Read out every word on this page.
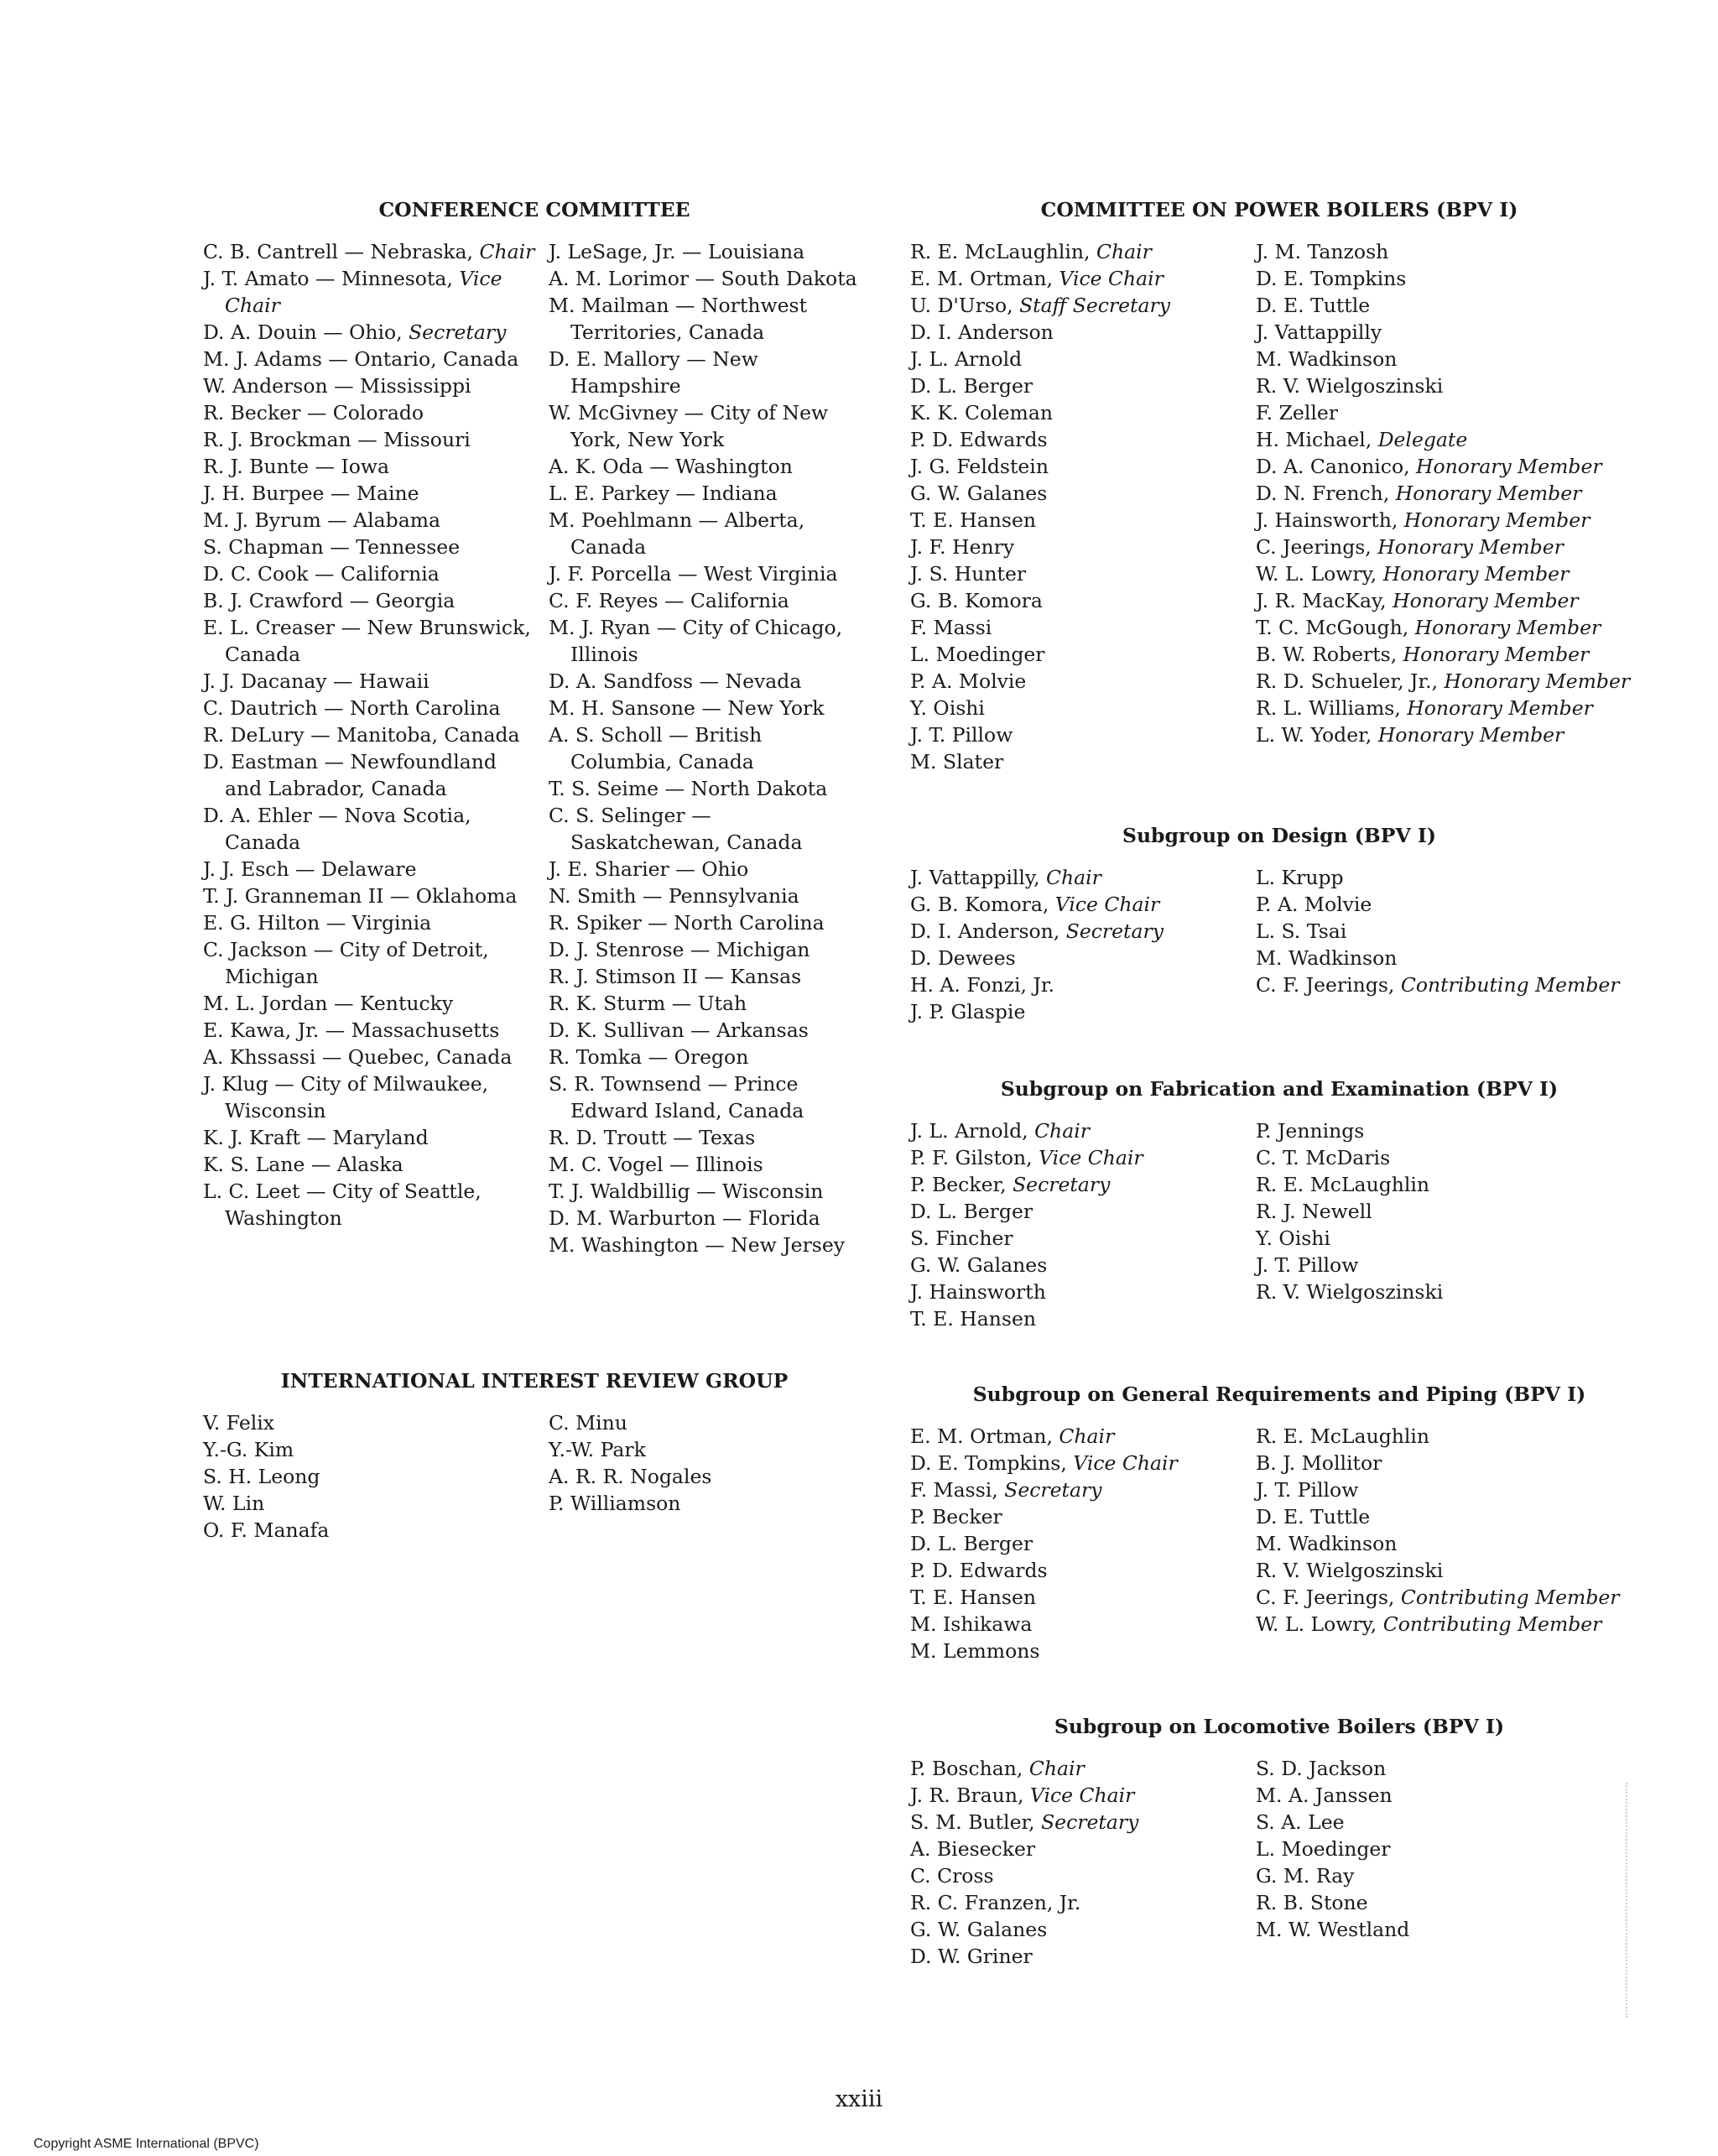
CONFERENCE COMMITTEE
C. B. Cantrell — Nebraska, Chair
J. T. Amato — Minnesota, Vice Chair
D. A. Douin — Ohio, Secretary
M. J. Adams — Ontario, Canada
W. Anderson — Mississippi
R. Becker — Colorado
R. J. Brockman — Missouri
R. J. Bunte — Iowa
J. H. Burpee — Maine
M. J. Byrum — Alabama
S. Chapman — Tennessee
D. C. Cook — California
B. J. Crawford — Georgia
E. L. Creaser — New Brunswick, Canada
J. J. Dacanay — Hawaii
C. Dautrich — North Carolina
R. DeLury — Manitoba, Canada
D. Eastman — Newfoundland and Labrador, Canada
D. A. Ehler — Nova Scotia, Canada
J. J. Esch — Delaware
T. J. Granneman II — Oklahoma
E. G. Hilton — Virginia
C. Jackson — City of Detroit, Michigan
M. L. Jordan — Kentucky
E. Kawa, Jr. — Massachusetts
A. Khssassi — Quebec, Canada
J. Klug — City of Milwaukee, Wisconsin
K. J. Kraft — Maryland
K. S. Lane — Alaska
L. C. Leet — City of Seattle, Washington
J. LeSage, Jr. — Louisiana
A. M. Lorimor — South Dakota
M. Mailman — Northwest Territories, Canada
D. E. Mallory — New Hampshire
W. McGivney — City of New York, New York
A. K. Oda — Washington
L. E. Parkey — Indiana
M. Poehlmann — Alberta, Canada
J. F. Porcella — West Virginia
C. F. Reyes — California
M. J. Ryan — City of Chicago, Illinois
D. A. Sandfoss — Nevada
M. H. Sansone — New York
A. S. Scholl — British Columbia, Canada
T. S. Seime — North Dakota
C. S. Selinger — Saskatchewan, Canada
J. E. Sharier — Ohio
N. Smith — Pennsylvania
R. Spiker — North Carolina
D. J. Stenrose — Michigan
R. J. Stimson II — Kansas
R. K. Sturm — Utah
D. K. Sullivan — Arkansas
R. Tomka — Oregon
S. R. Townsend — Prince Edward Island, Canada
R. D. Troutt — Texas
M. C. Vogel — Illinois
T. J. Waldbillig — Wisconsin
D. M. Warburton — Florida
M. Washington — New Jersey
INTERNATIONAL INTEREST REVIEW GROUP
V. Felix
Y.-G. Kim
S. H. Leong
W. Lin
O. F. Manafa
C. Minu
Y.-W. Park
A. R. R. Nogales
P. Williamson
COMMITTEE ON POWER BOILERS (BPV I)
R. E. McLaughlin, Chair
E. M. Ortman, Vice Chair
U. D'Urso, Staff Secretary
D. I. Anderson
J. L. Arnold
D. L. Berger
K. K. Coleman
P. D. Edwards
J. G. Feldstein
G. W. Galanes
T. E. Hansen
J. F. Henry
J. S. Hunter
G. B. Komora
F. Massi
L. Moedinger
P. A. Molvie
Y. Oishi
J. T. Pillow
M. Slater
J. M. Tanzosh
D. E. Tompkins
D. E. Tuttle
J. Vattappilly
M. Wadkinson
R. V. Wielgoszinski
F. Zeller
H. Michael, Delegate
D. A. Canonico, Honorary Member
D. N. French, Honorary Member
J. Hainsworth, Honorary Member
C. Jeerings, Honorary Member
W. L. Lowry, Honorary Member
J. R. MacKay, Honorary Member
T. C. McGough, Honorary Member
B. W. Roberts, Honorary Member
R. D. Schueler, Jr., Honorary Member
R. L. Williams, Honorary Member
L. W. Yoder, Honorary Member
Subgroup on Design (BPV I)
J. Vattappilly, Chair
G. B. Komora, Vice Chair
D. I. Anderson, Secretary
D. Dewees
H. A. Fonzi, Jr.
J. P. Glaspie
L. Krupp
P. A. Molvie
L. S. Tsai
M. Wadkinson
C. F. Jeerings, Contributing Member
Subgroup on Fabrication and Examination (BPV I)
J. L. Arnold, Chair
P. F. Gilston, Vice Chair
P. Becker, Secretary
D. L. Berger
S. Fincher
G. W. Galanes
J. Hainsworth
T. E. Hansen
P. Jennings
C. T. McDaris
R. E. McLaughlin
R. J. Newell
Y. Oishi
J. T. Pillow
R. V. Wielgoszinski
Subgroup on General Requirements and Piping (BPV I)
E. M. Ortman, Chair
D. E. Tompkins, Vice Chair
F. Massi, Secretary
P. Becker
D. L. Berger
P. D. Edwards
T. E. Hansen
M. Ishikawa
M. Lemmons
R. E. McLaughlin
B. J. Mollitor
J. T. Pillow
D. E. Tuttle
M. Wadkinson
R. V. Wielgoszinski
C. F. Jeerings, Contributing Member
W. L. Lowry, Contributing Member
Subgroup on Locomotive Boilers (BPV I)
P. Boschan, Chair
J. R. Braun, Vice Chair
S. M. Butler, Secretary
A. Biesecker
C. Cross
R. C. Franzen, Jr.
G. W. Galanes
D. W. Griner
S. D. Jackson
M. A. Janssen
S. A. Lee
L. Moedinger
G. M. Ray
R. B. Stone
M. W. Westland
xxiii
Copyright ASME International (BPVC)
